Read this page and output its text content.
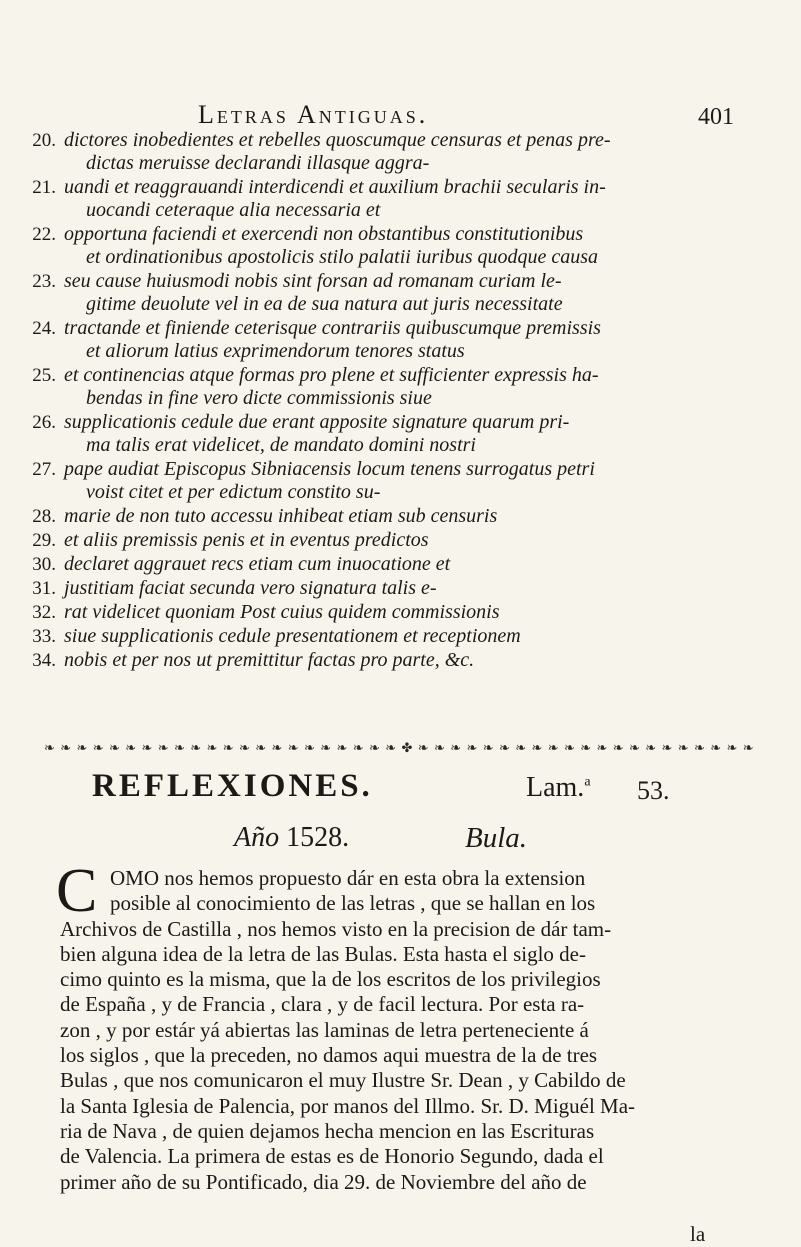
Letras Antiguas.	401
20. dictores inobedientes et rebelles quoscumque censuras et penas pre-
dictas meruisse declarandi illasque aggra-
21. uandi et reaggrauandi interdicendi et auxilium brachii secularis in-
uocandi ceteraque alia necessaria et
22. opportuna faciendi et exercendi non obstantibus constitutionibus
et ordinationibus apostolicis stilo palatii iuribus quodque causa
23. seu cause huiusmodi nobis sint forsan ad romanam curiam le-
gitime deuolute vel in ea de sua natura aut juris necessitate
24. tractande et finiende ceterisque contrariis quibuscumque premissis
et aliorum latius exprimendorum tenores status
25. et continencias atque formas pro plene et sufficienter expressis ha-
bendas in fine vero dicte commissionis siue
26. supplicationis cedule due erant apposite signature quarum pri-
ma talis erat videlicet, de mandato domini nostri
27. pape audiat Episcopus Sibniacensis locum tenens surrogatus petri
voist citet et per edictum constito su-
28. marie de non tuto accessu inhibeat etiam sub censuris
29. et aliis premissis penis et in eventus predictos
30. declaret aggrauet recs etiam cum inuocatione et
31. justitiam faciat secunda vero signatura talis e-
32. rat videlicet quoniam Post cuius quidem commissionis
33. siue supplicationis cedule presentationem et receptionem
34. nobis et per nos ut premittitur factas pro parte, &c.
❧ ❧ ❧ ❧ ❧ ❧ ❧ ❧ ❧ ❧ ❧ ❧ ❧ ❧ ❧ ❧ ❧ ❧ ❧ ❧ ❧ ❧ ✤ ❧ ❧ ❧ ❧ ❧ ❧ ❧ ❧ ❧ ❧ ❧ ❧ ❧ ❧ ❧ ❧ ❧ ❧ ❧ ❧ ❧
REFLEXIONES.	Lam.$^a$ 53.
Año 1528.	Bula.
C OMO nos hemos propuesto dár en esta obra la extension
posible al conocimiento de las letras , que se hallan en los
Archivos de Castilla , nos hemos visto en la precision de dár tam-
bien alguna idea de la letra de las Bulas. Esta hasta el siglo de-
cimo quinto es la misma, que la de los escritos de los privilegios
de España , y de Francia , clara , y de facil lectura. Por esta ra-
zon , y por estár yá abiertas las laminas de letra perteneciente á
los siglos , que la preceden, no damos aqui muestra de la de tres
Bulas , que nos comunicaron el muy Ilustre Sr. Dean , y Cabildo de
la Santa Iglesia de Palencia, por manos del Illmo. Sr. D. Miguél Ma-
ria de Nava , de quien dejamos hecha mencion en las Escrituras
de Valencia. La primera de estas es de Honorio Segundo, dada el
primer año de su Pontificado, dia 29. de Noviembre del año de
la
